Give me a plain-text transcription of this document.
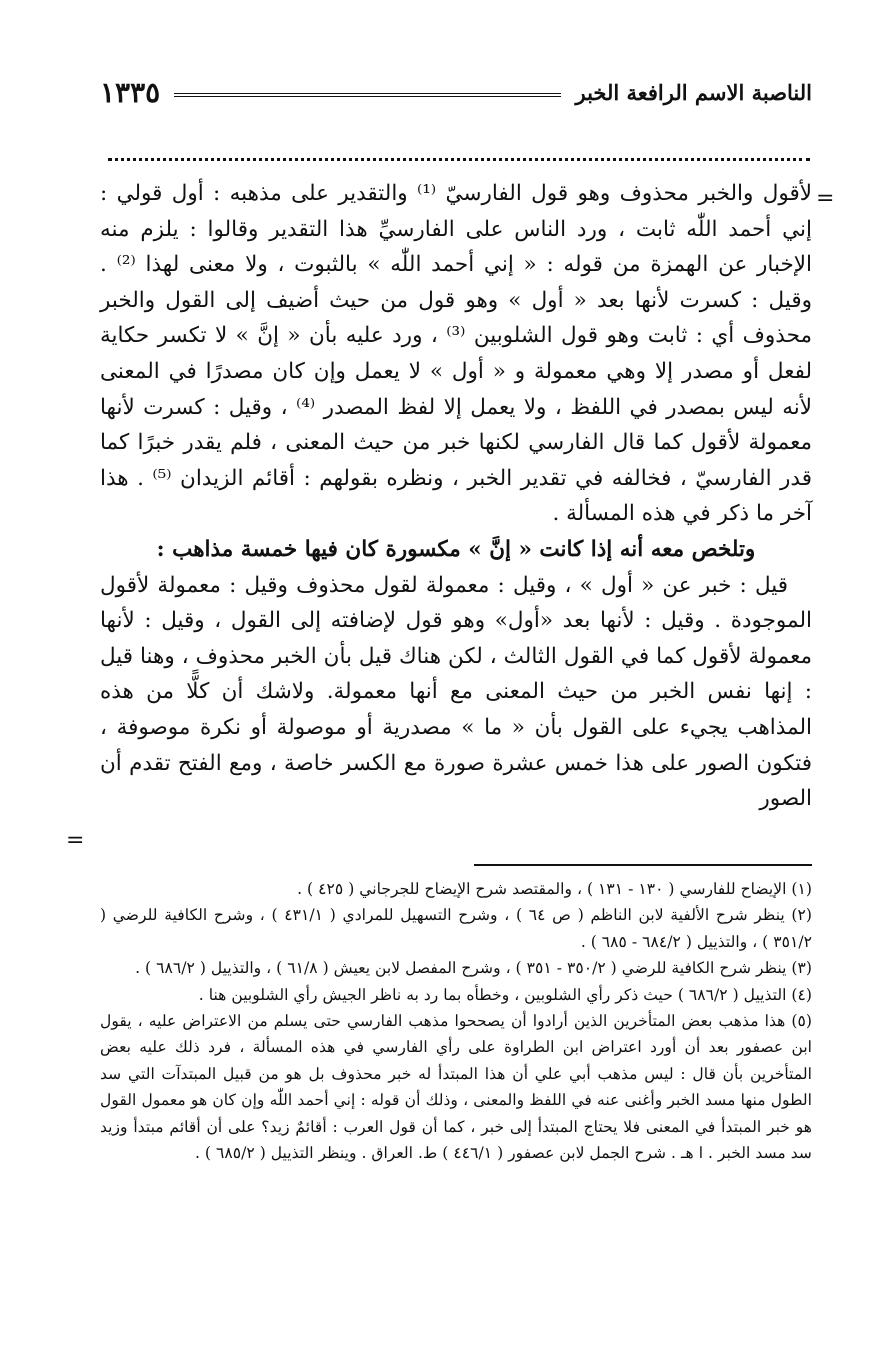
١٣٣٥	الناصبة الاسم الرافعة الخبر
=

لأقول والخبر محذوف وهو قول الفارسيّ ⁽¹⁾ والتقدير على مذهبه : أول قولي : إني أحمد اللّٰه ثابت ، ورد الناس على الفارسيِّ هذا التقدير وقالوا : يلزم منه الإخبار عن الهمزة من قوله : « إني أحمد اللّٰه » بالثبوت ، ولا معنى لهذا ⁽²⁾ . وقيل : كسرت لأنها بعد « أول » وهو قول من حيث أضيف إلى القول والخبر محذوف أي : ثابت وهو قول الشلوبين ⁽³⁾ ، ورد عليه بأن « إنَّ » لا تكسر حكاية لفعل أو مصدر إلا وهي معمولة و « أول » لا يعمل وإن كان مصدرًا في المعنى لأنه ليس بمصدر في اللفظ ، ولا يعمل إلا لفظ المصدر ⁽⁴⁾ ، وقيل : كسرت لأنها معمولة لأقول كما قال الفارسي لكنها خبر من حيث المعنى ، فلم يقدر خبرًا كما قدر الفارسيّ ، فخالفه في تقدير الخبر ، ونظره بقولهم : أقائم الزيدان ⁽⁵⁾ . هذا آخر ما ذكر في هذه المسألة .

وتلخص معه أنه إذا كانت « إنَّ » مكسورة كان فيها خمسة مذاهب :

قيل : خبر عن « أول » ، وقيل : معمولة لقول محذوف وقيل : معمولة لأقول الموجودة . وقيل : لأنها بعد «أول» وهو قول لإضافته إلى القول ، وقيل : لأنها معمولة لأقول كما في القول الثالث ، لكن هناك قيل بأن الخبر محذوف ، وهنا قيل : إنها نفس الخبر من حيث المعنى مع أنها معمولة. ولاشك أن كلًّا من هذه المذاهب يجيء على القول بأن « ما » مصدرية أو موصولة أو نكرة موصوفة ، فتكون الصور على هذا خمس عشرة صورة مع الكسر خاصة ، ومع الفتح تقدم أن الصور

=

(١) الإيضاح للفارسي ( ١٣٠ - ١٣١ ) ، والمقتصد شرح الإيضاح للجرجاني ( ٤٢٥ ) .

(٢) ينظر شرح الألفية لابن الناظم ( ص ٦٤ ) ، وشرح التسهيل للمرادي ( ٤٣١/١ ) ، وشرح الكافية للرضي ( ٣٥١/٢ ) ، والتذييل ( ٦٨٤/٢ - ٦٨٥ ) .

(٣) ينظر شرح الكافية للرضي ( ٣٥٠/٢ - ٣٥١ ) ، وشرح المفصل لابن يعيش ( ٦١/٨ ) ، والتذييل ( ٦٨٦/٢ ) .

(٤) التذييل ( ٦٨٦/٢ ) حيث ذكر رأي الشلوبين ، وخطأه بما رد به ناظر الجيش رأي الشلوبين هنا .

(٥) هذا مذهب بعض المتأخرين الذين أرادوا أن يصححوا مذهب الفارسي حتى يسلم من الاعتراض عليه ، يقول ابن عصفور بعد أن أورد اعتراض ابن الطراوة على رأي الفارسي في هذه المسألة ، فرد ذلك عليه بعض المتأخرين بأن قال : ليس مذهب أبي علي أن هذا المبتدأ له خبر محذوف بل هو من قبيل المبتدآت التي سد الطول منها مسد الخبر وأغنى عنه في اللفظ والمعنى ، وذلك أن قوله : إني أحمد اللّٰه وإن كان هو معمول القول هو خبر المبتدأ في المعنى فلا يحتاج المبتدأ إلى خبر ، كما أن قول العرب : أقائمٌ زيد؟ على أن أقائم مبتدأ وزيد سد مسد الخبر . ا هـ . شرح الجمل لابن عصفور ( ٤٤٦/١ ) ط. العراق . وينظر التذييل ( ٦٨٥/٢ ) .
